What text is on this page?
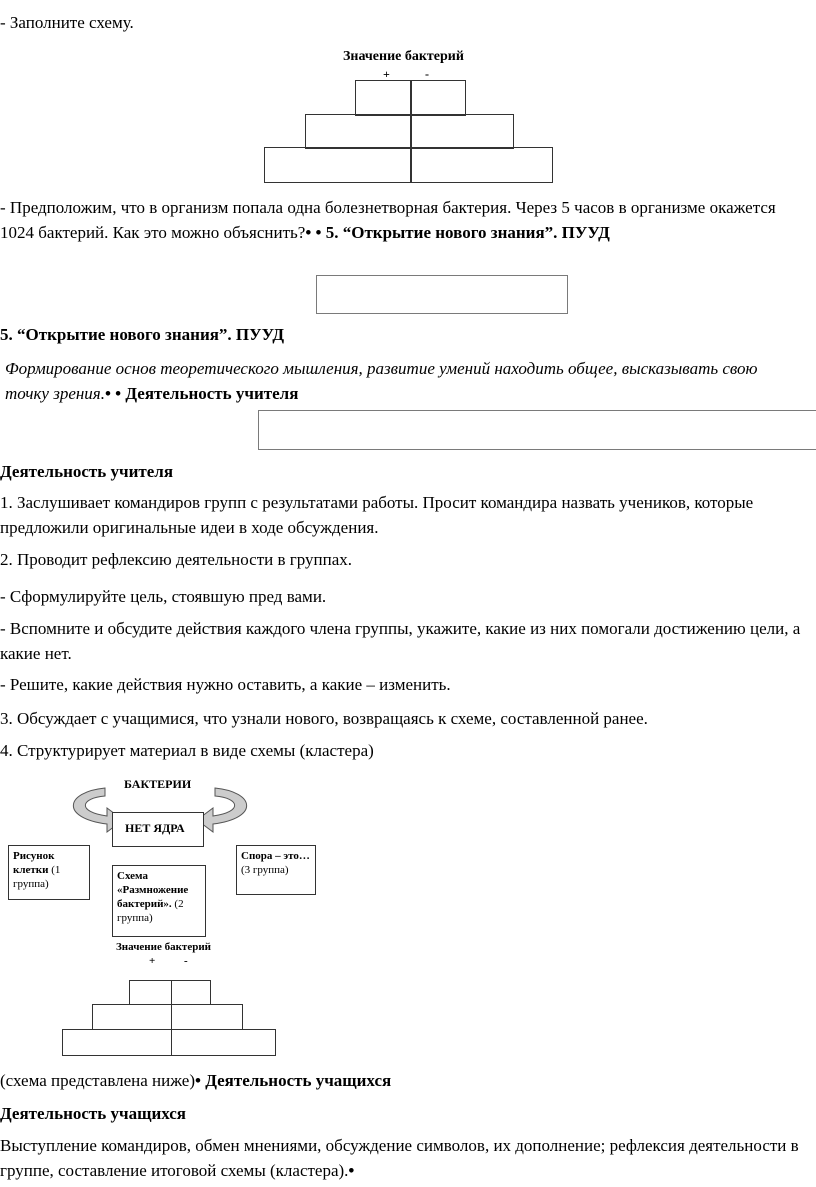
- Заполните схему.
Значение бактерий
+	-
- Предположим, что в организм попала одна болезнетворная бактерия. Через 5 часов в организме окажется 1024 бактерий. Как это можно объяснить?• • 5. “Открытие нового знания”. ПУУД
5. “Открытие нового знания”. ПУУД
Формирование основ теоретического мышления, развитие умений находить общее, высказывать свою точку зрения.• • Деятельность учителя
Деятельность учителя
1. Заслушивает командиров групп с результатами работы. Просит командира назвать учеников, которые предложили оригинальные идеи в ходе обсуждения.
2. Проводит рефлексию деятельности в группах.
- Сформулируйте цель, стоявшую пред вами.
- Вспомните и обсудите действия каждого члена группы, укажите, какие из них помогали достижению цели, а какие нет.
- Решите, какие действия нужно оставить, а какие – изменить.
3. Обсуждает с учащимися, что узнали нового, возвращаясь к схеме, составленной ранее.
4. Структурирует материал в виде схемы (кластера)
БАКТЕРИИ
НЕТ ЯДРА
Рисунок клетки (1 группа)
Спора – это… (3 группа)
Схема «Размножение бактерий». (2 группа)
Значение бактерий
+	-
(схема представлена ниже)• Деятельность учащихся
Деятельность учащихся
Выступление командиров, обмен мнениями, обсуждение символов, их дополнение; рефлексия деятельности в группе, составление итоговой схемы (кластера).•
